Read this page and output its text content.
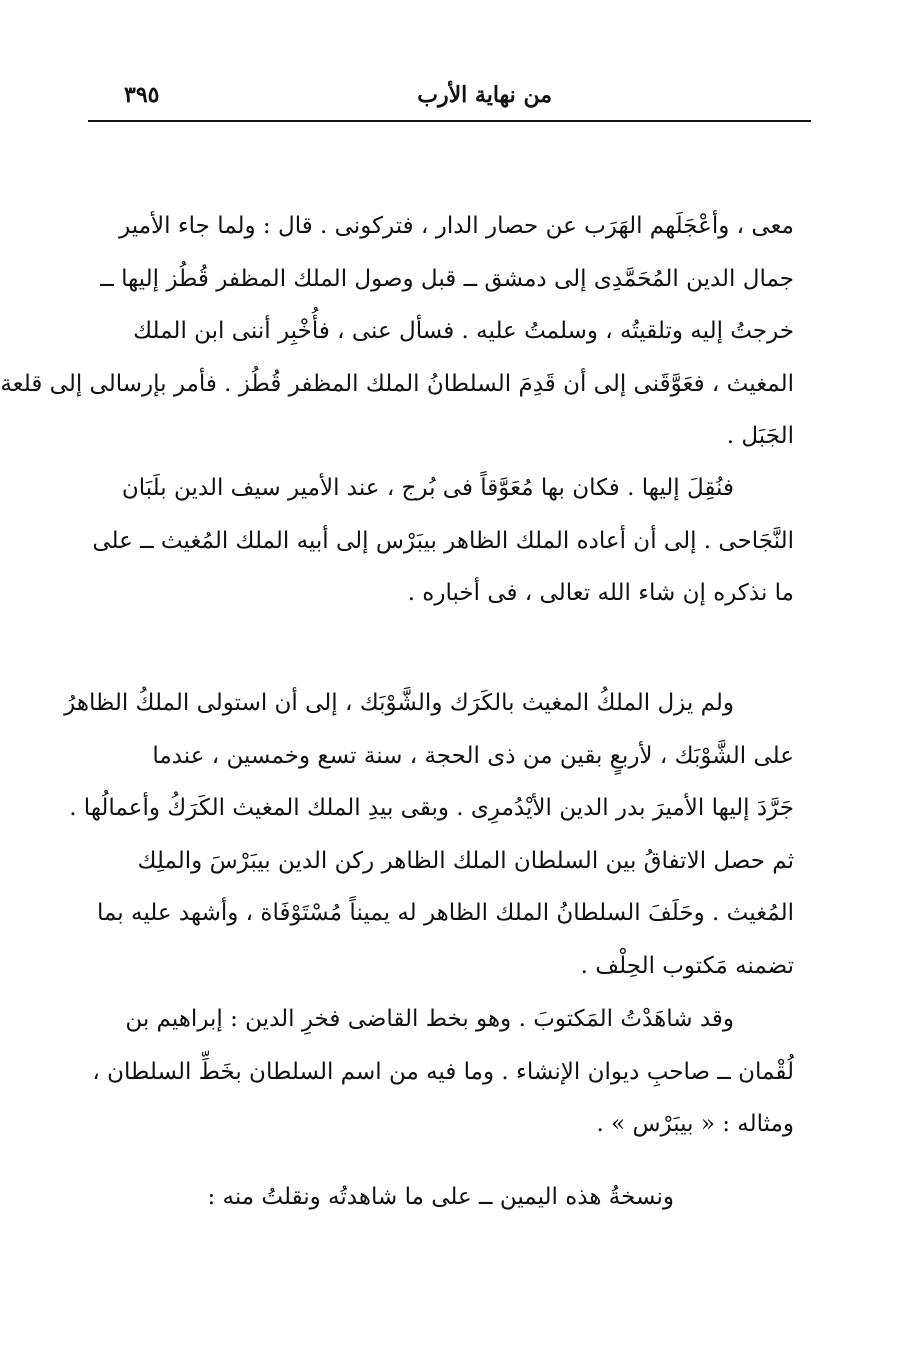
من نهاية الأرب
٣٩٥
معى ، وأعْجَلَهم الهَرَب عن حصار الدار ، فتركونى . قال : ولما جاء الأمير
جمال الدين المُحَمَّدِى إلى دمشق ــ قبل وصول الملك المظفر قُطُز إليها ــ
خرجتُ إليه وتلقيتُه ، وسلمتُ عليه . فسأل عنى ، فأُخْبِر أننى ابن الملك
المغيث ، فعَوَّقَنى إلى أن قَدِمَ السلطانُ الملك المظفر قُطُز . فأمر بإرسالى إلى قلعة
الجَبَل .
فنُقِلَ إليها . فكان بها مُعَوَّقاً فى بُرج ، عند الأمير سيف الدين بلَبَان
النَّجَاحى . إلى أن أعاده الملك الظاهر بيبَرْس إلى أبيه الملك المُغيث ــ على
ما نذكره إن شاء الله تعالى ، فى أخباره .
ولم يزل الملكُ المغيث بالكَرَك والشَّوْبَك ، إلى أن استولى الملكُ الظاهرُ
على الشَّوْبَك ، لأربعٍ بقين من ذى الحجة ، سنة تسع وخمسين ، عندما
جَرَّدَ إليها الأميرَ بدر الدين الأيْدُمرِى . وبقى بيدِ الملك المغيث الكَرَكُ وأعمالُها .
ثم حصل الاتفاقُ بين السلطان الملك الظاهر ركن الدين بيبَرْسَ والملِك
المُغيث . وحَلَفَ السلطانُ الملك الظاهر له يميناً مُسْتَوْفَاة ، وأشهد عليه بما
تضمنه مَكتوب الحِلْف .
وقد شاهَدْتُ المَكتوبَ . وهو بخط القاضى فخرِ الدين : إبراهيم بن
لُقْمان ــ صاحبِ ديوان الإنشاء . وما فيه من اسم السلطان بخَطِّ السلطان ،
ومثاله : « بيبَرْس » .
ونسخةُ هذه اليمين ــ على ما شاهدتُه ونقلتُ منه :
